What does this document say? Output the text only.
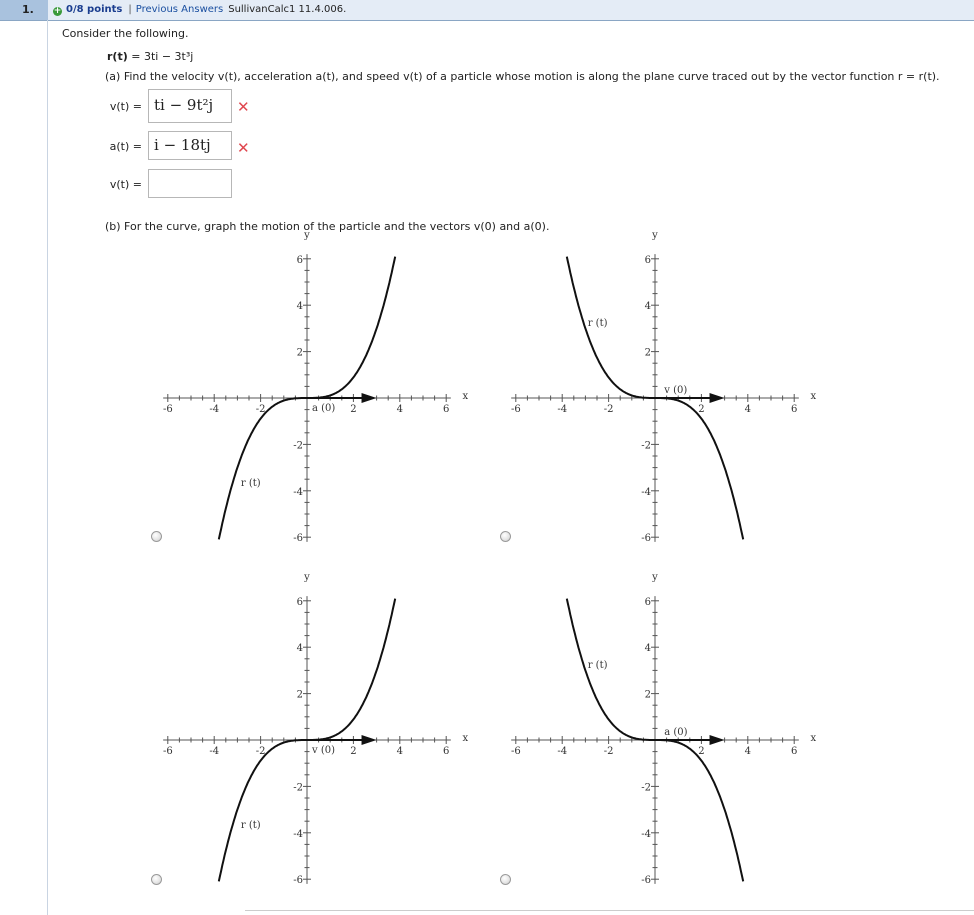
1.	+ 0/8 points | Previous Answers SullivanCalc1 11.4.006.
Consider the following.
r(t) = 3ti − 3t³j
(a) Find the velocity v(t), acceleration a(t), and speed v(t) of a particle whose motion is along the plane curve traced out by the vector function r = r(t).
v(t) = ti − 9t²j ✕
a(t) = i − 18tj ✕
v(t) =
(b) For the curve, graph the motion of the particle and the vectors v(0) and a(0).
-6	-4	-2	2	4	6
6
4
2
-2
-4
-6
x
y
a (0)
r (t)
-6	-4	-2	2	4	6
6
4
2
-2
-4
-6
x
y
v (0)
r (t)
-6	-4	-2	2	4	6
6
4
2
-2
-4
-6
x
y
v (0)
r (t)
-6	-4	-2	2	4	6
6
4
2
-2
-4
-6
x
y
a (0)
r (t)
